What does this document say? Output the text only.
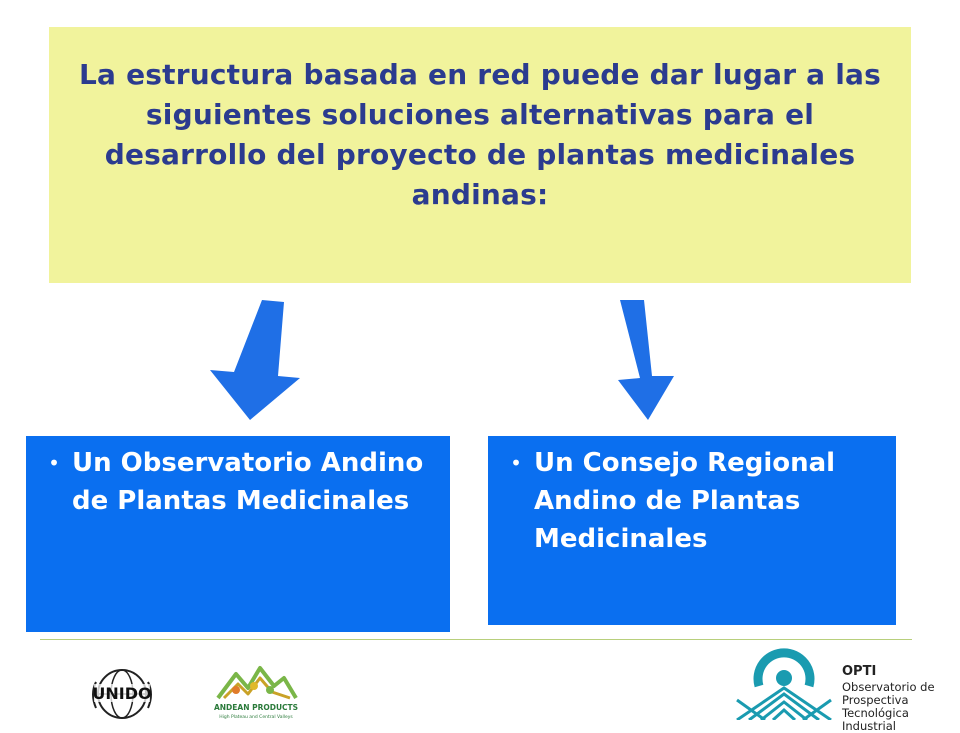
La estructura basada en red puede dar lugar a las siguientes soluciones alternativas para el desarrollo del proyecto de plantas medicinales andinas:

• Un Observatorio Andino de Plantas Medicinales
• Un Consejo Regional Andino de Plantas Medicinales
UNIDO
ANDEAN PRODUCTS
High Plateau and Central Valleys
OPTI
Observatorio de
Prospectiva Tecnológica
Industrial
